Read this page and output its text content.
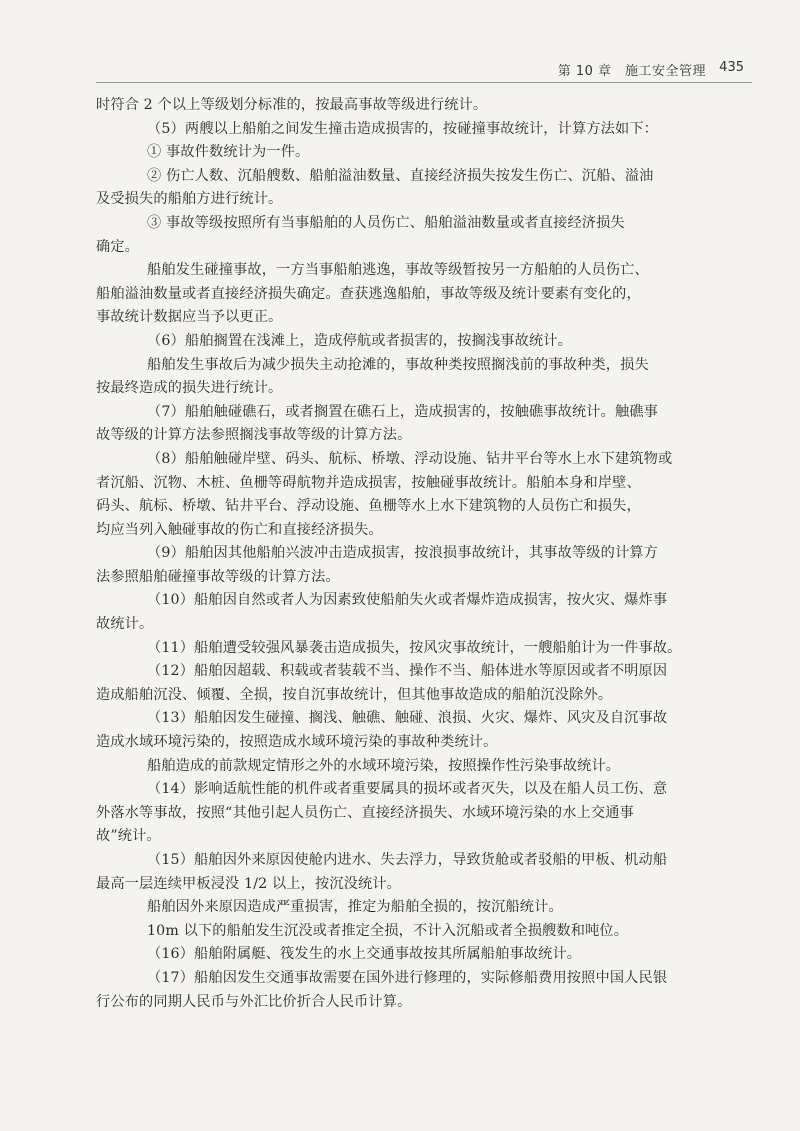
第 10 章　施工安全管理 435
时符合 2 个以上等级划分标准的，按最高事故等级进行统计。
（5）两艘以上船舶之间发生撞击造成损害的，按碰撞事故统计，计算方法如下：
① 事故件数统计为一件。
② 伤亡人数、沉船艘数、船舶溢油数量、直接经济损失按发生伤亡、沉船、溢油
及受损失的船舶方进行统计。
③ 事故等级按照所有当事船舶的人员伤亡、船舶溢油数量或者直接经济损失
确定。
船舶发生碰撞事故，一方当事船舶逃逸，事故等级暂按另一方船舶的人员伤亡、
船舶溢油数量或者直接经济损失确定。查获逃逸船舶，事故等级及统计要素有变化的，
事故统计数据应当予以更正。
（6）船舶搁置在浅滩上，造成停航或者损害的，按搁浅事故统计。
船舶发生事故后为减少损失主动抢滩的，事故种类按照搁浅前的事故种类，损失
按最终造成的损失进行统计。
（7）船舶触碰礁石，或者搁置在礁石上，造成损害的，按触礁事故统计。触礁事
故等级的计算方法参照搁浅事故等级的计算方法。
（8）船舶触碰岸壁、码头、航标、桥墩、浮动设施、钻井平台等水上水下建筑物或
者沉船、沉物、木桩、鱼栅等碍航物并造成损害，按触碰事故统计。船舶本身和岸壁、
码头、航标、桥墩、钻井平台、浮动设施、鱼栅等水上水下建筑物的人员伤亡和损失，
均应当列入触碰事故的伤亡和直接经济损失。
（9）船舶因其他船舶兴波冲击造成损害，按浪损事故统计，其事故等级的计算方
法参照船舶碰撞事故等级的计算方法。
（10）船舶因自然或者人为因素致使船舶失火或者爆炸造成损害，按火灾、爆炸事
故统计。
（11）船舶遭受较强风暴袭击造成损失，按风灾事故统计，一艘船舶计为一件事故。
（12）船舶因超载、积载或者装载不当、操作不当、船体进水等原因或者不明原因
造成船舶沉没、倾覆、全损，按自沉事故统计，但其他事故造成的船舶沉没除外。
（13）船舶因发生碰撞、搁浅、触礁、触碰、浪损、火灾、爆炸、风灾及自沉事故
造成水域环境污染的，按照造成水域环境污染的事故种类统计。
船舶造成的前款规定情形之外的水域环境污染，按照操作性污染事故统计。
（14）影响适航性能的机件或者重要属具的损坏或者灭失，以及在船人员工伤、意
外落水等事故，按照“其他引起人员伤亡、直接经济损失、水域环境污染的水上交通事
故”统计。
（15）船舶因外来原因使舱内进水、失去浮力，导致货舱或者驳船的甲板、机动船
最高一层连续甲板浸没 1/2 以上，按沉没统计。
船舶因外来原因造成严重损害，推定为船舶全损的，按沉船统计。
10m 以下的船舶发生沉没或者推定全损，不计入沉船或者全损艘数和吨位。
（16）船舶附属艇、筏发生的水上交通事故按其所属船舶事故统计。
（17）船舶因发生交通事故需要在国外进行修理的，实际修船费用按照中国人民银
行公布的同期人民币与外汇比价折合人民币计算。
